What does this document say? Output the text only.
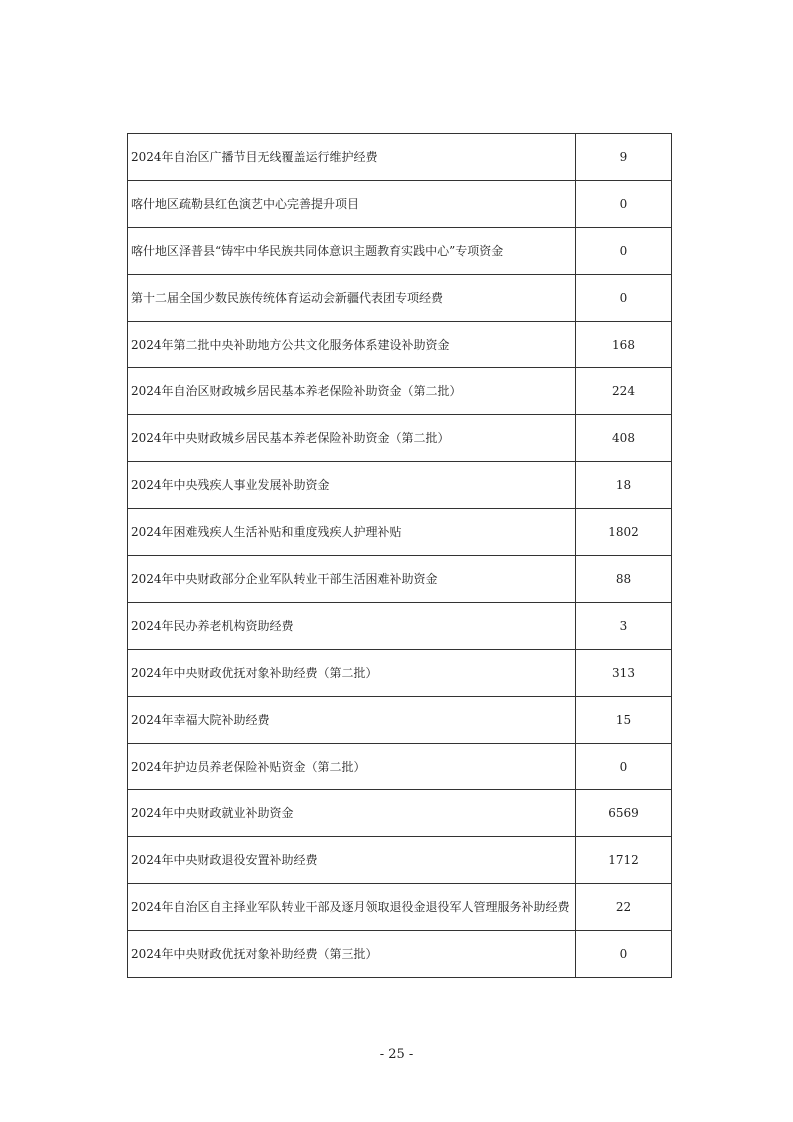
2024年自治区广播节目无线覆盖运行维护经费	9
喀什地区疏勒县红色演艺中心完善提升项目	0
喀什地区泽普县“铸牢中华民族共同体意识主题教育实践中心”专项资金	0
第十二届全国少数民族传统体育运动会新疆代表团专项经费	0
2024年第二批中央补助地方公共文化服务体系建设补助资金	168
2024年自治区财政城乡居民基本养老保险补助资金（第二批）	224
2024年中央财政城乡居民基本养老保险补助资金（第二批）	408
2024年中央残疾人事业发展补助资金	18
2024年困难残疾人生活补贴和重度残疾人护理补贴	1802
2024年中央财政部分企业军队转业干部生活困难补助资金	88
2024年民办养老机构资助经费	3
2024年中央财政优抚对象补助经费（第二批）	313
2024年幸福大院补助经费	15
2024年护边员养老保险补贴资金（第二批）	0
2024年中央财政就业补助资金	6569
2024年中央财政退役安置补助经费	1712
2024年自治区自主择业军队转业干部及逐月领取退役金退役军人管理服务补助经费	22
2024年中央财政优抚对象补助经费（第三批）	0
- 25 -
